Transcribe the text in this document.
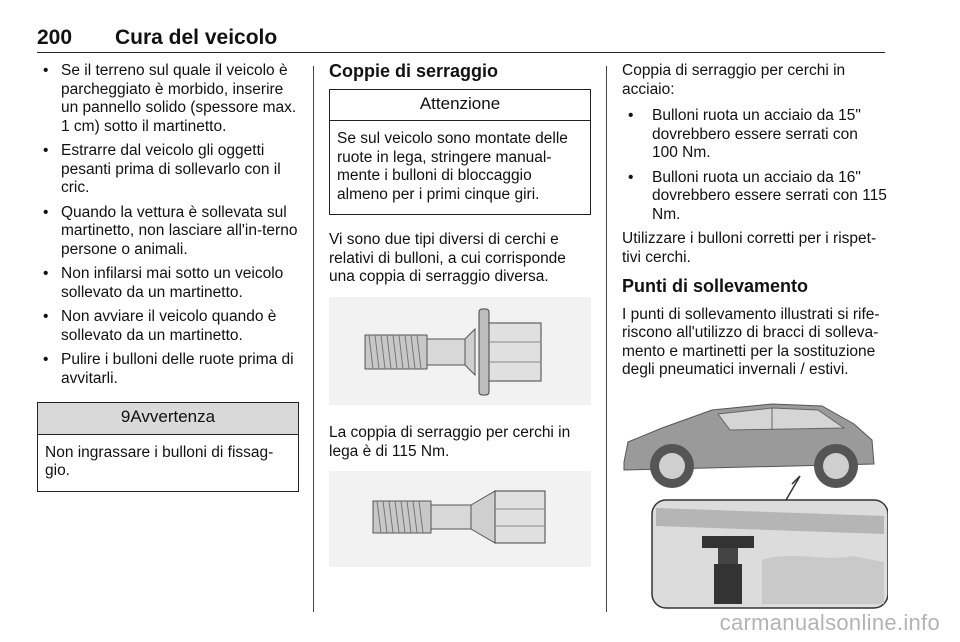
200 Cura del veicolo
• Se il terreno sul quale il veicolo è parcheggiato è morbido, inserire un pannello solido (spessore max. 1 cm) sotto il martinetto.
• Estrarre dal veicolo gli oggetti pesanti prima di sollevarlo con il cric.
• Quando la vettura è sollevata sul martinetto, non lasciare all'in-terno persone o animali.
• Non infilarsi mai sotto un veicolo sollevato da un martinetto.
• Non avviare il veicolo quando è sollevato da un martinetto.
• Pulire i bulloni delle ruote prima di avvitarli.
9Avvertenza
Non ingrassare i bulloni di fissag-gio.
Coppie di serraggio
Attenzione
Se sul veicolo sono montate delle ruote in lega, stringere manual-mente i bulloni di bloccaggio almeno per i primi cinque giri.

Vi sono due tipi diversi di cerchi e relativi di bulloni, a cui corrisponde una coppia di serraggio diversa.

La coppia di serraggio per cerchi in lega è di 115 Nm.

Coppia di serraggio per cerchi in acciaio:

• Bulloni ruota un acciaio da 15" dovrebbero essere serrati con 100 Nm.
• Bulloni ruota un acciaio da 16" dovrebbero essere serrati con 115 Nm.

Utilizzare i bulloni corretti per i rispet-tivi cerchi.

Punti di sollevamento

I punti di sollevamento illustrati si rife-riscono all'utilizzo di bracci di solleva-mento e martinetti per la sostituzione degli pneumatici invernali / estivi.

carmanualsonline.info
